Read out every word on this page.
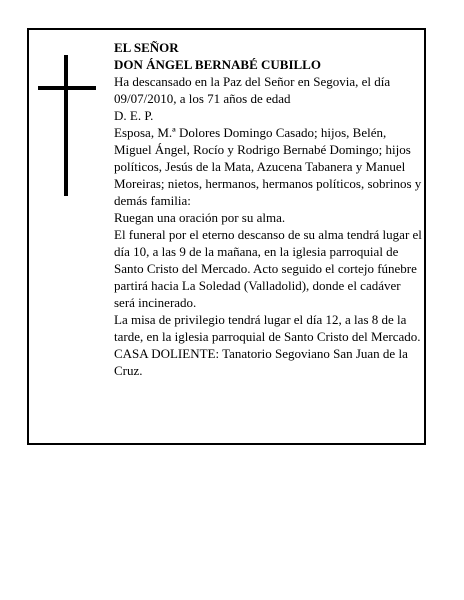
EL SEÑOR

DON ÁNGEL BERNABÉ CUBILLO

Ha descansado en la Paz del Señor en Segovia, el día 09/07/2010, a los 71 años de edad

D. E. P.

Esposa, M.ª Dolores Domingo Casado; hijos, Belén, Miguel Ángel, Rocío y Rodrigo Bernabé Domingo; hijos políticos, Jesús de la Mata, Azucena Tabanera y Manuel Moreiras; nietos, hermanos, hermanos políticos, sobrinos y demás familia:

Ruegan una oración por su alma.

El funeral por el eterno descanso de su alma tendrá lugar el día 10, a las 9 de la mañana, en la iglesia parroquial de Santo Cristo del Mercado. Acto seguido el cortejo fúnebre partirá hacia La Soledad (Valladolid), donde el cadáver será incinerado.

La misa de privilegio tendrá lugar el día 12, a las 8 de la tarde, en la iglesia parroquial de Santo Cristo del Mercado.

CASA DOLIENTE: Tanatorio Segoviano San Juan de la Cruz.
